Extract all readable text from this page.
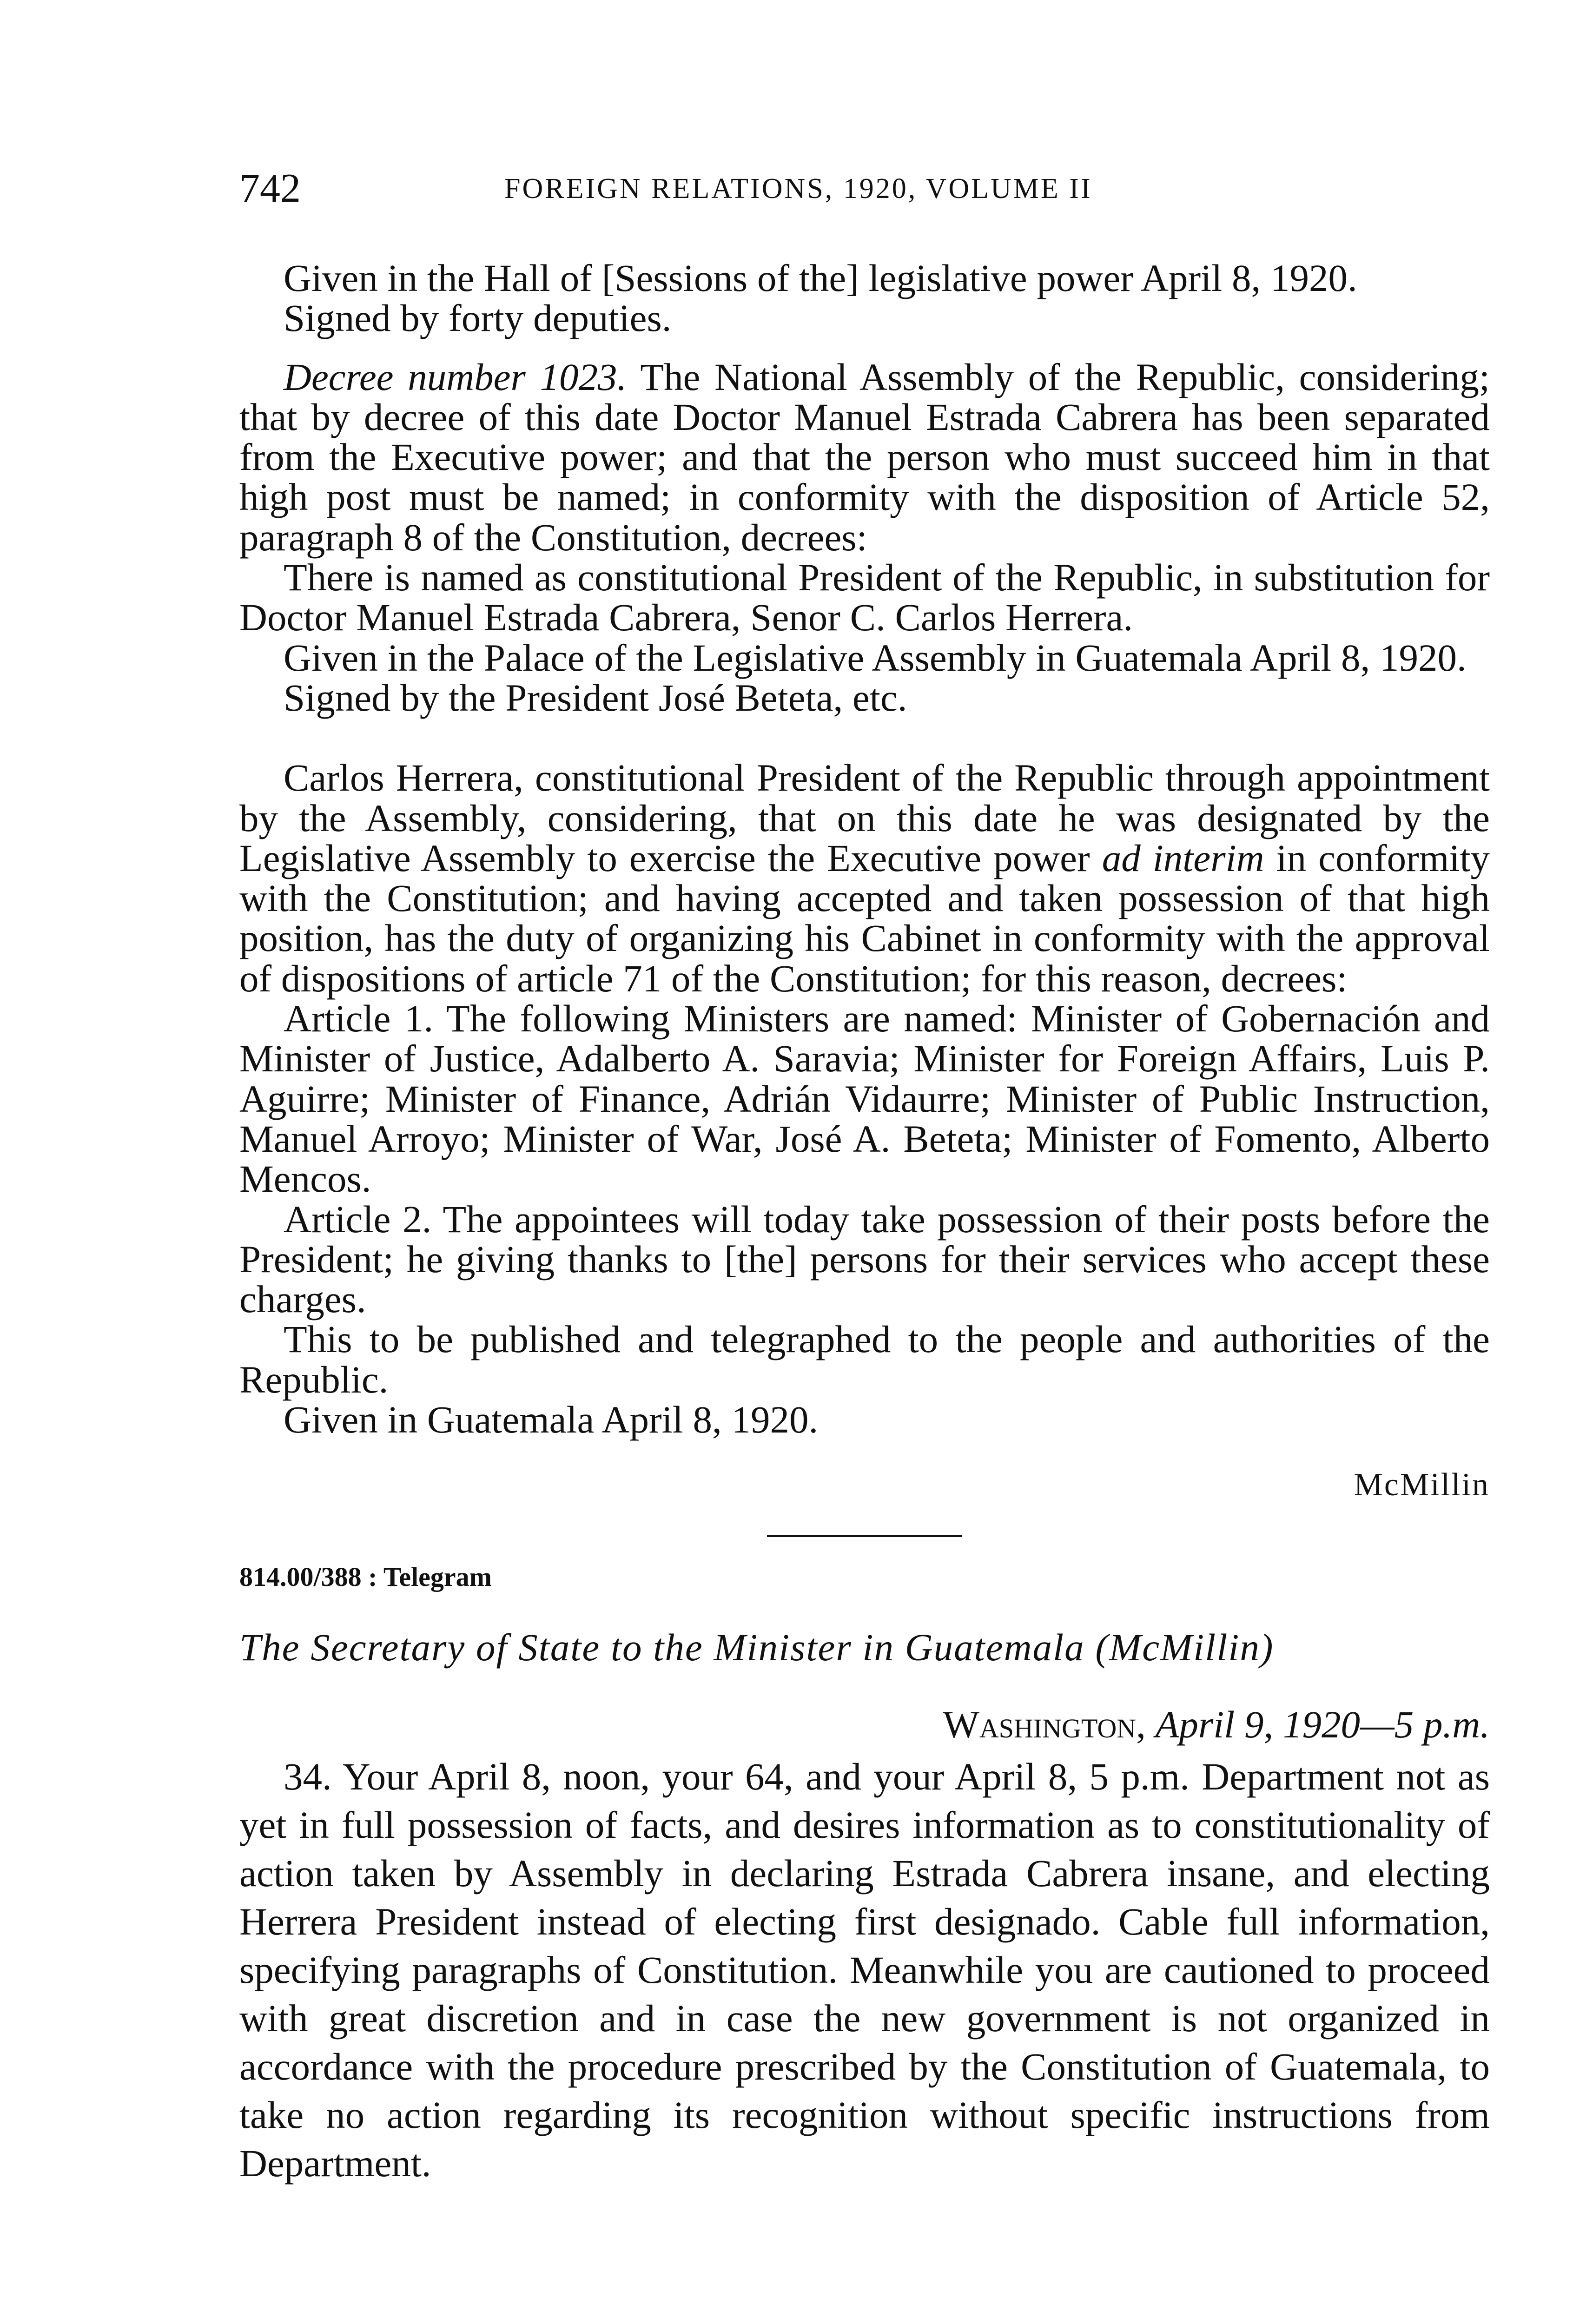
742	FOREIGN RELATIONS, 1920, VOLUME II

Given in the Hall of [Sessions of the] legislative power April 8, 1920.

Signed by forty deputies.

Decree number 1023. The National Assembly of the Republic, considering; that by decree of this date Doctor Manuel Estrada Cabrera has been separated from the Executive power; and that the person who must succeed him in that high post must be named; in conformity with the disposition of Article 52, paragraph 8 of the Constitution, decrees:

There is named as constitutional President of the Republic, in substitution for Doctor Manuel Estrada Cabrera, Senor C. Carlos Herrera.

Given in the Palace of the Legislative Assembly in Guatemala April 8, 1920.

Signed by the President José Beteta, etc.

Carlos Herrera, constitutional President of the Republic through appointment by the Assembly, considering, that on this date he was designated by the Legislative Assembly to exercise the Executive power ad interim in conformity with the Constitution; and having accepted and taken possession of that high position, has the duty of organizing his Cabinet in conformity with the approval of dispositions of article 71 of the Constitution; for this reason, decrees:

Article 1. The following Ministers are named: Minister of Gobernación and Minister of Justice, Adalberto A. Saravia; Minister for Foreign Affairs, Luis P. Aguirre; Minister of Finance, Adrián Vidaurre; Minister of Public Instruction, Manuel Arroyo; Minister of War, José A. Beteta; Minister of Fomento, Alberto Mencos.

Article 2. The appointees will today take possession of their posts before the President; he giving thanks to [the] persons for their services who accept these charges.

This to be published and telegraphed to the people and authorities of the Republic.

Given in Guatemala April 8, 1920.

McMillin

814.00/388 : Telegram

The Secretary of State to the Minister in Guatemala (McMillin)

Washington, April 9, 1920—5 p.m.

34. Your April 8, noon, your 64, and your April 8, 5 p.m. Department not as yet in full possession of facts, and desires information as to constitutionality of action taken by Assembly in declaring Estrada Cabrera insane, and electing Herrera President instead of electing first designado. Cable full information, specifying paragraphs of Constitution. Meanwhile you are cautioned to proceed with great discretion and in case the new government is not organized in accordance with the procedure prescribed by the Constitution of Guatemala, to take no action regarding its recognition without specific instructions from Department.
